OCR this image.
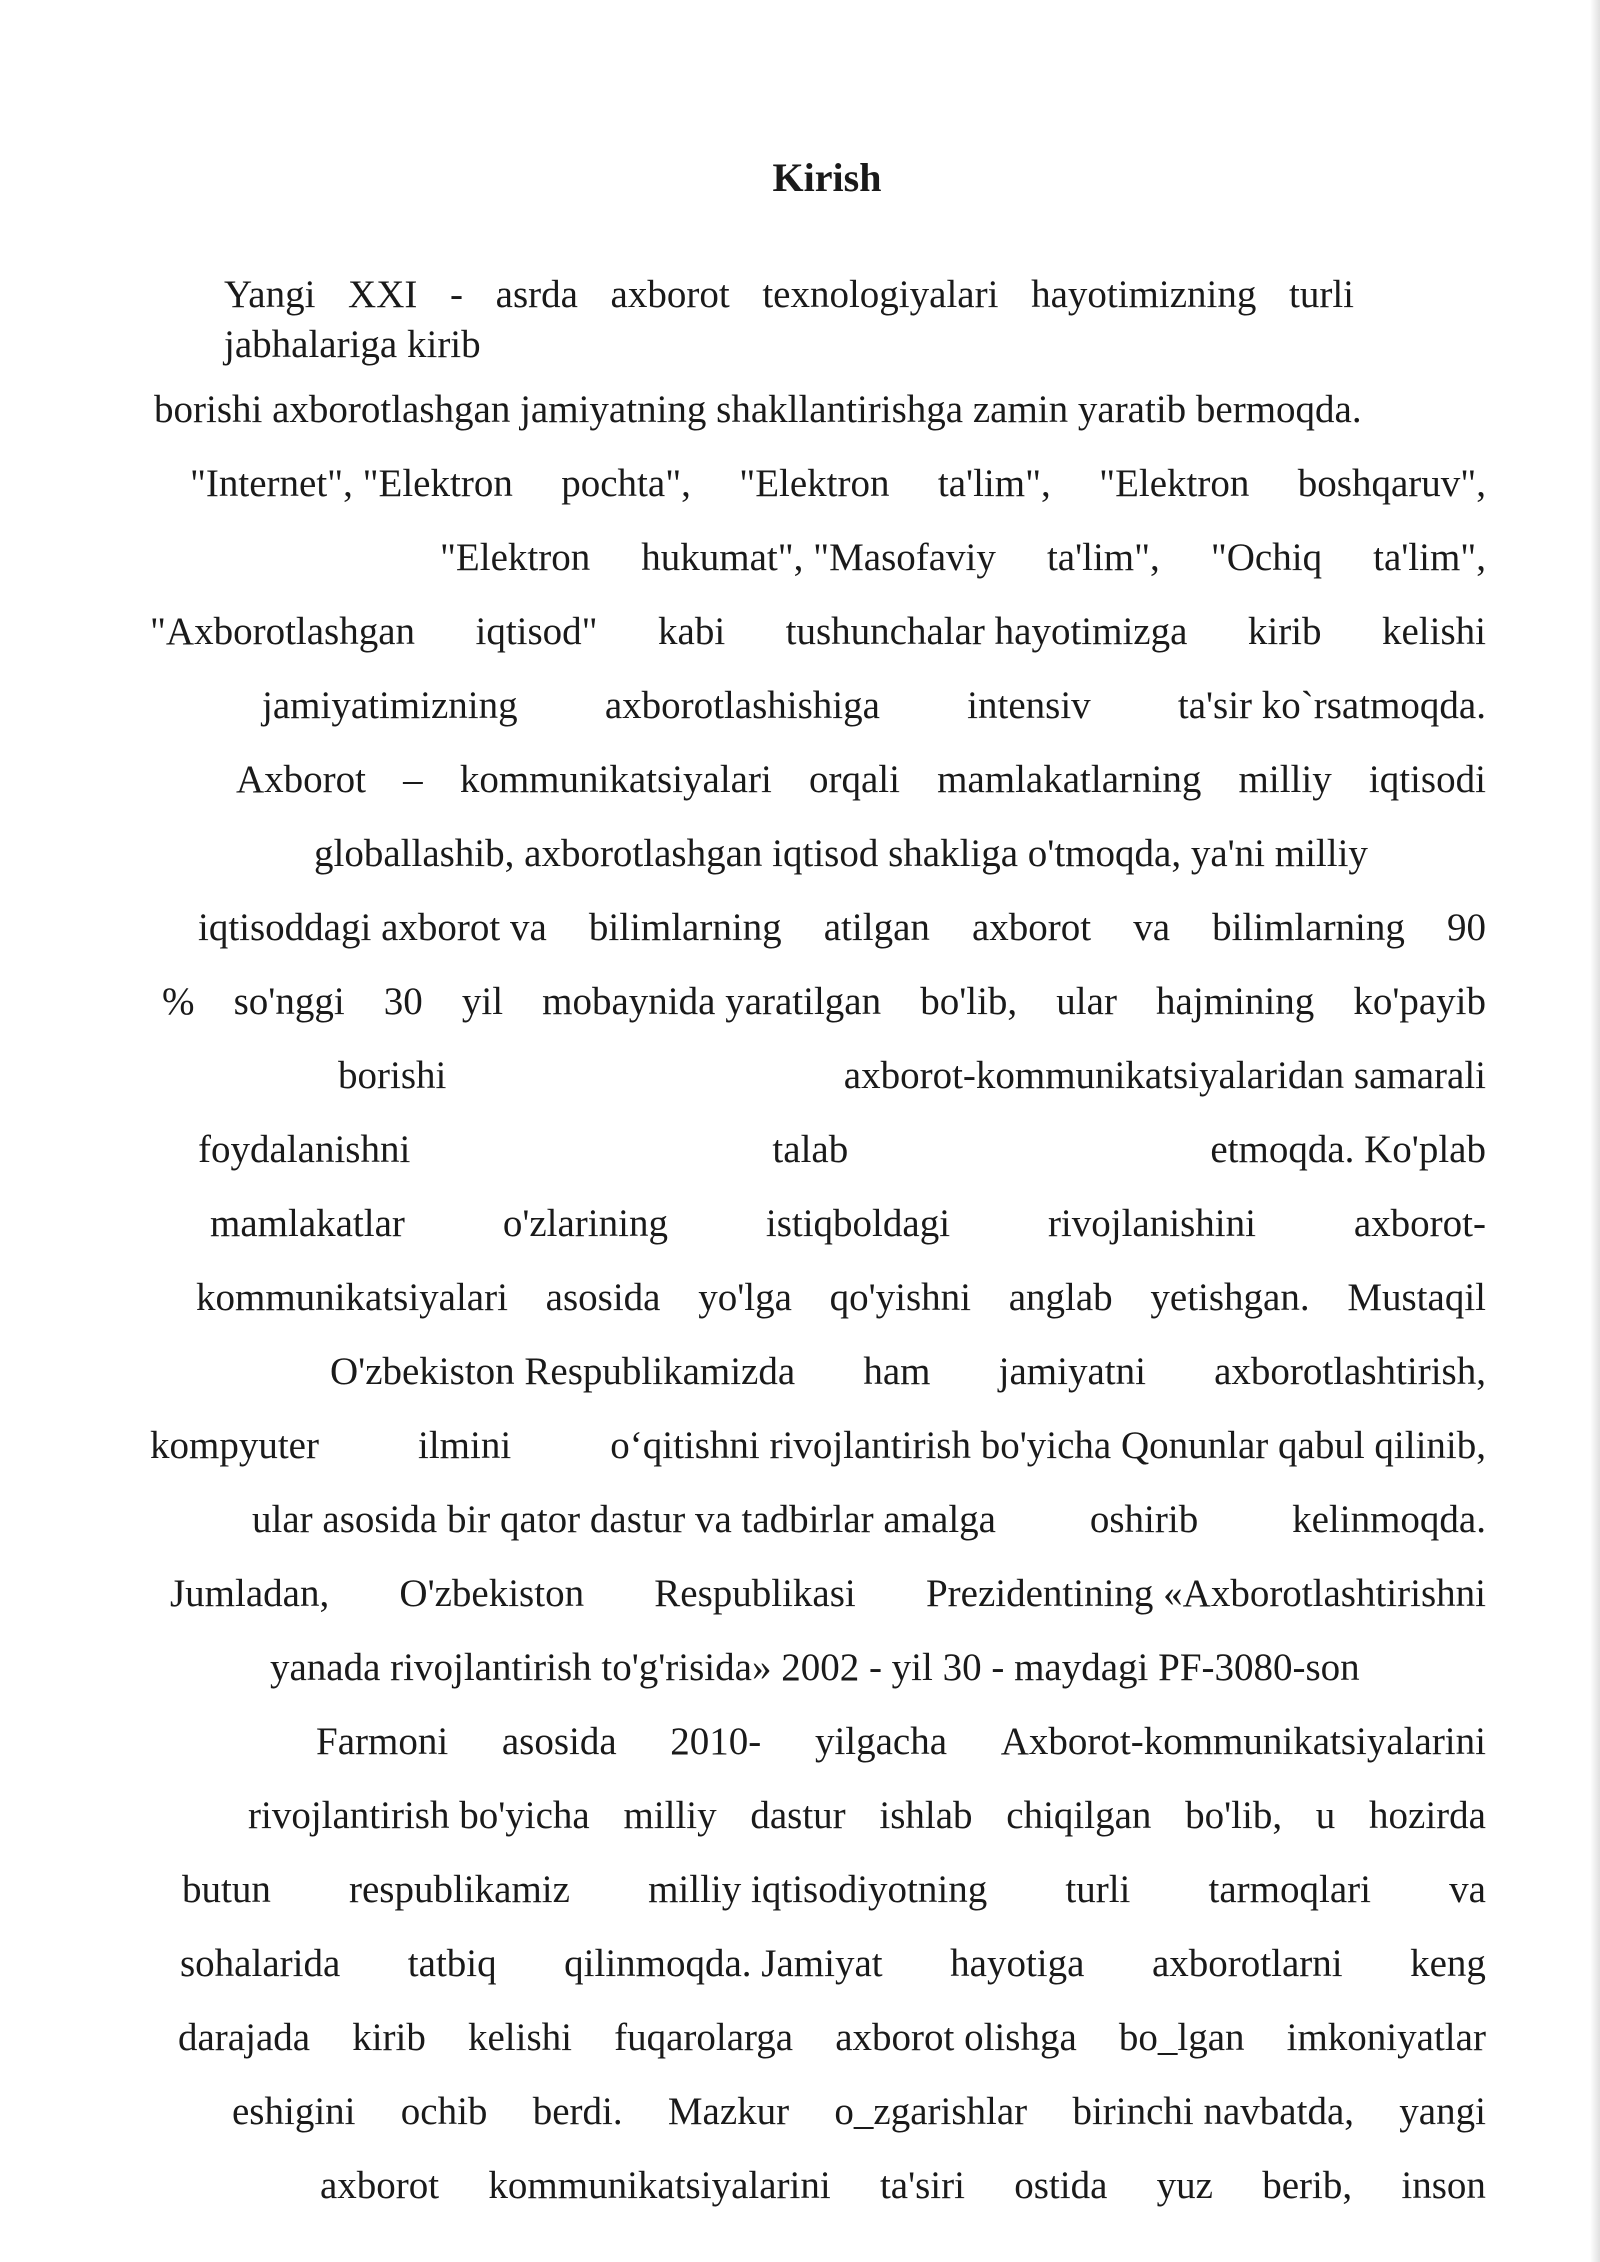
Kirish

Yangi XXI - asrda axborot texnologiyalari hayotimizning turli jabhalariga kirib

borishi axborotlashgan jamiyatning shakllantirishga zamin yaratib bermoqda.
"Internet", "Elektron pochta", "Elektron ta'lim", "Elektron boshqaruv",
"Elektron hukumat", "Masofaviy ta'lim", "Ochiq ta'lim",
"Axborotlashgan iqtisod" kabi tushunchalar hayotimizga kirib kelishi
jamiyatimizning axborotlashishiga intensiv ta'sir ko`rsatmoqda.
Axborot – kommunikatsiyalari orqali mamlakatlarning milliy iqtisodi
globallashib, axborotlashgan iqtisod shakliga o'tmoqda, ya'ni milliy
iqtisoddagi axborot va bilimlarning atilgan axborot va bilimlarning 90
% so'nggi 30 yil mobaynida yaratilgan bo'lib, ular hajmining ko'payib
borishi	axborot-kommunikatsiyalaridan samarali
foydalanishni	talab	etmoqda. Ko'plab
mamlakatlar	o'zlarining	istiqboldagi	rivojlanishini	axborot-
kommunikatsiyalari asosida yo'lga qo'yishni anglab yetishgan. Mustaqil
O'zbekiston Respublikamizda ham jamiyatni axborotlashtirish,
kompyuter	ilmini	o‘qitishni rivojlantirish bo'yicha Qonunlar qabul qilinib,
ular asosida bir qator dastur va tadbirlar amalga oshirib kelinmoqda.
Jumladan, O'zbekiston Respublikasi Prezidentining «Axborotlashtirishni
yanada rivojlantirish to'g'risida» 2002 - yil 30 - maydagi PF-3080-son
Farmoni asosida 2010- yilgacha Axborot-kommunikatsiyalarini
rivojlantirish bo'yicha milliy dastur ishlab chiqilgan bo'lib, u hozirda
butun respublikamiz milliy iqtisodiyotning turli tarmoqlari va
sohalarida tatbiq qilinmoqda. Jamiyat hayotiga axborotlarni keng
darajada kirib kelishi fuqarolarga axborot olishga bo_lgan imkoniyatlar
eshigini ochib berdi. Mazkur o_zgarishlar birinchi navbatda, yangi
axborot kommunikatsiyalarini ta'siri ostida yuz berib, inson
